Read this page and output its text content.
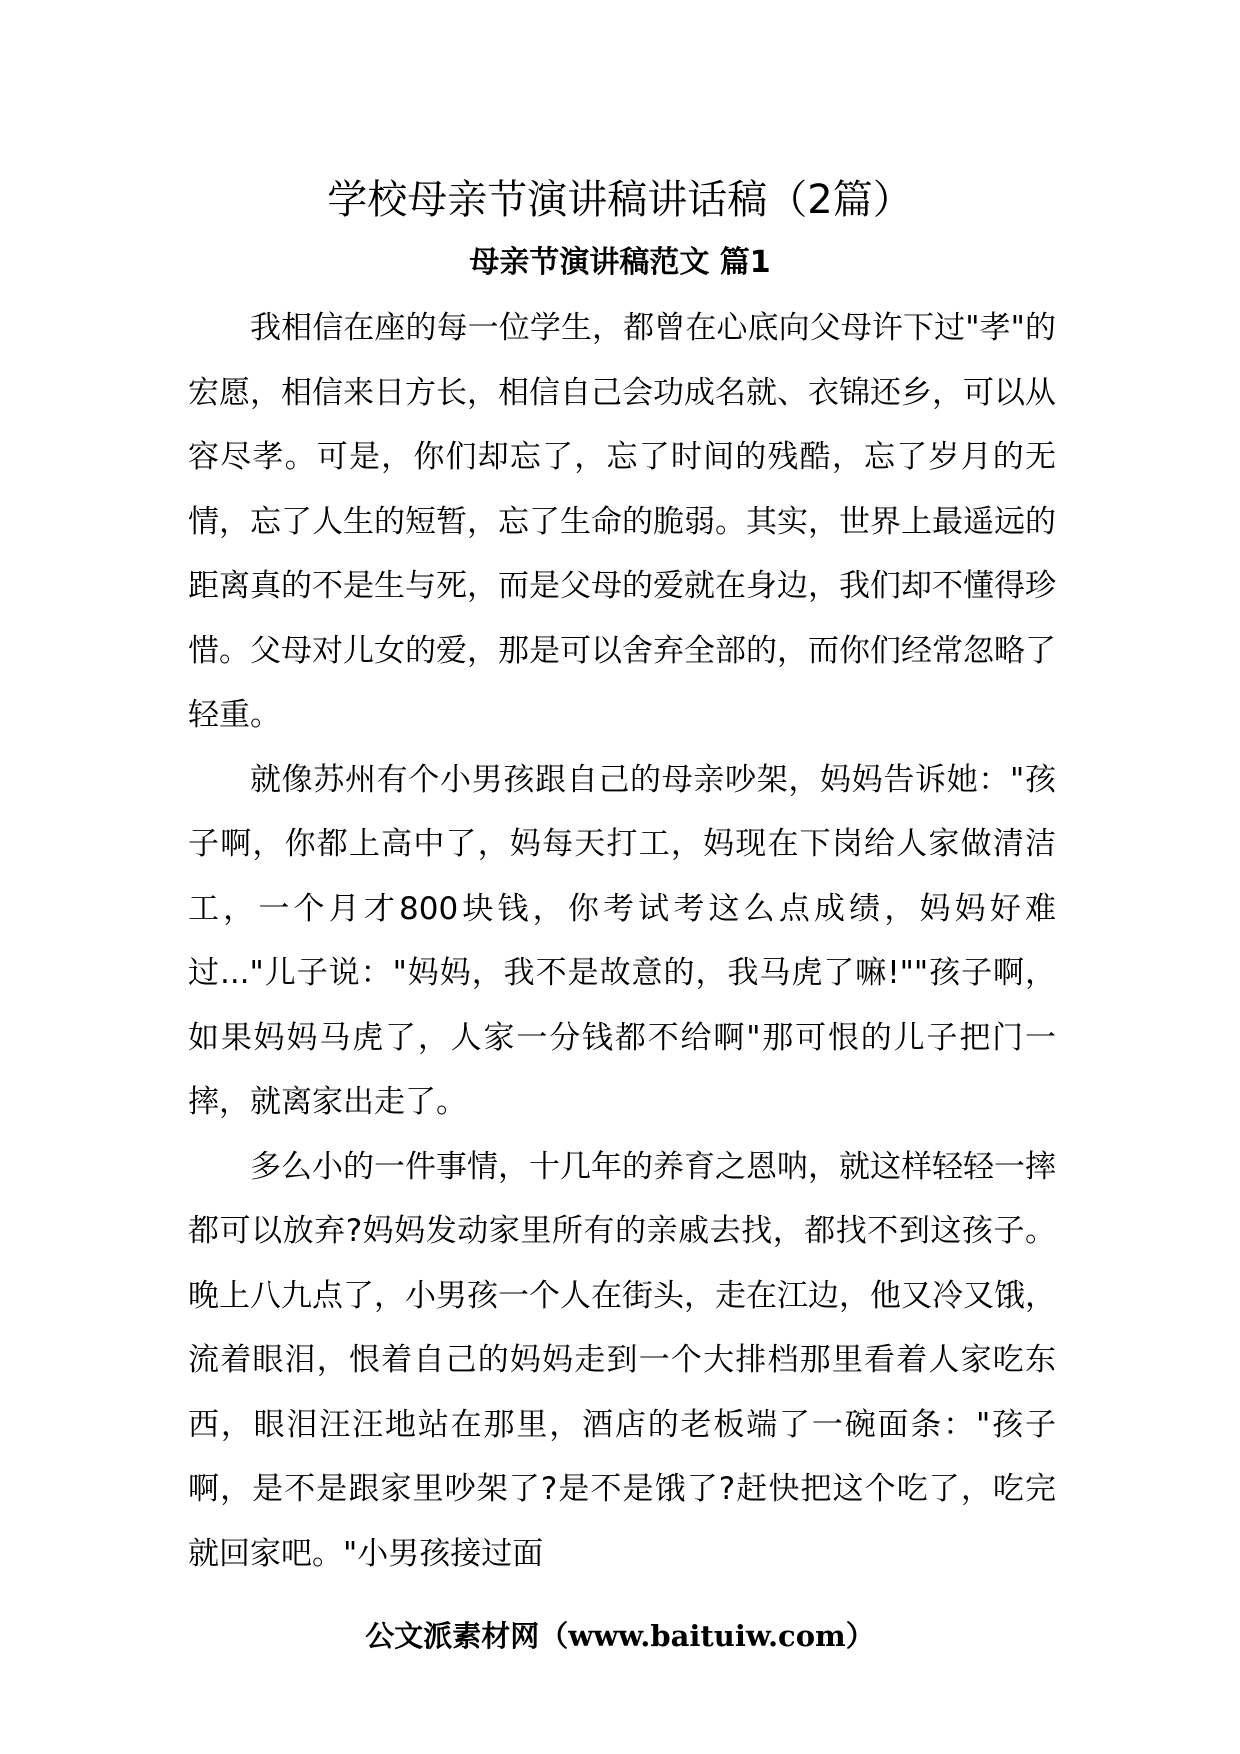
学校母亲节演讲稿讲话稿（2篇）
母亲节演讲稿范文 篇1

我相信在座的每一位学生，都曾在心底向父母许下过"孝"的宏愿，相信来日方长，相信自己会功成名就、衣锦还乡，可以从容尽孝。可是，你们却忘了，忘了时间的残酷，忘了岁月的无情，忘了人生的短暂，忘了生命的脆弱。其实，世界上最遥远的距离真的不是生与死，而是父母的爱就在身边，我们却不懂得珍惜。父母对儿女的爱，那是可以舍弃全部的，而你们经常忽略了轻重。

就像苏州有个小男孩跟自己的母亲吵架，妈妈告诉她："孩子啊，你都上高中了，妈每天打工，妈现在下岗给人家做清洁工，一个月才800块钱，你考试考这么点成绩，妈妈好难过..."儿子说："妈妈，我不是故意的，我马虎了嘛!""孩子啊，如果妈妈马虎了，人家一分钱都不给啊"那可恨的儿子把门一摔，就离家出走了。

多么小的一件事情，十几年的养育之恩呐，就这样轻轻一摔都可以放弃?妈妈发动家里所有的亲戚去找，都找不到这孩子。晚上八九点了，小男孩一个人在街头，走在江边，他又冷又饿，流着眼泪，恨着自己的妈妈走到一个大排档那里看着人家吃东西，眼泪汪汪地站在那里，酒店的老板端了一碗面条："孩子啊，是不是跟家里吵架了?是不是饿了?赶快把这个吃了，吃完就回家吧。"小男孩接过面

公文派素材网（www.baituiw.com）
